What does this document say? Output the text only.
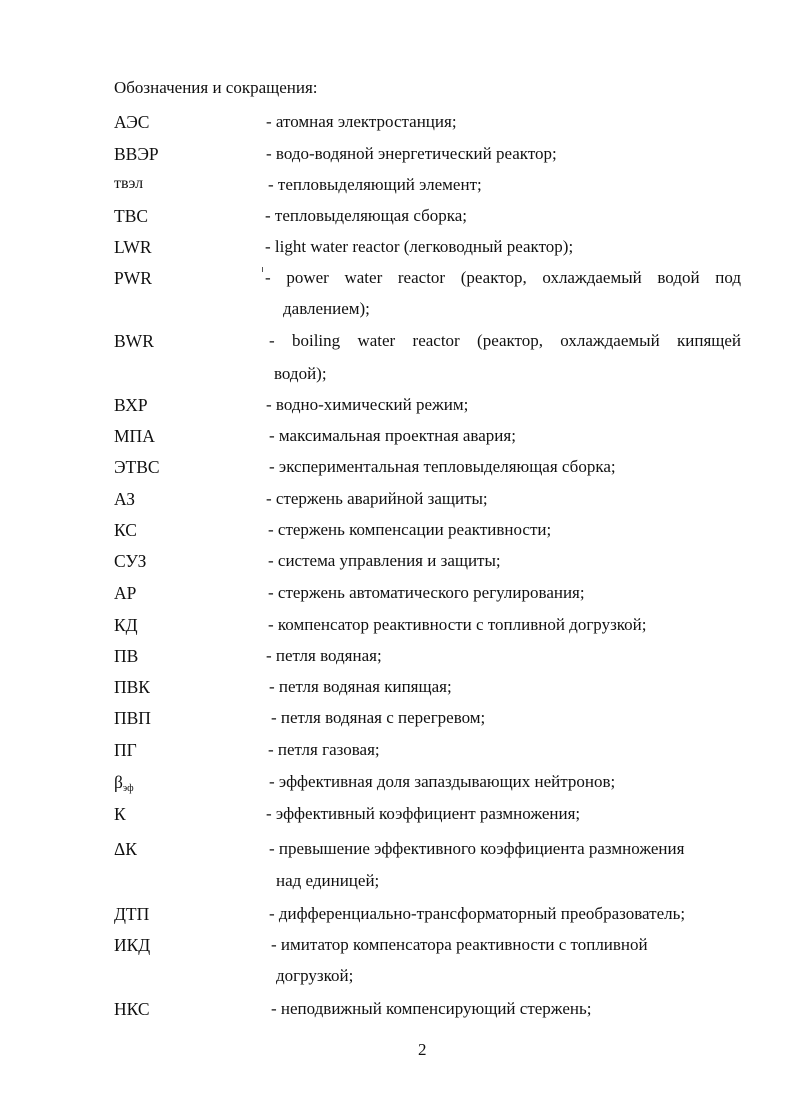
Обозначения и сокращения:
АЭС	- атомная электростанция;
ВВЭР	- водо-водяной энергетический реактор;
твэл	- тепловыделяющий элемент;
ТВС	- тепловыделяющая сборка;
LWR	- light water reactor (легководный реактор);
PWR	- power water reactor (реактор, охлаждаемый водой под
давлением);
BWR	- boiling water reactor (реактор, охлаждаемый кипящей
водой);
ВХР	- водно-химический режим;
МПА	- максимальная проектная авария;
ЭТВС	- экспериментальная тепловыделяющая сборка;
АЗ	- стержень аварийной защиты;
КС	- стержень компенсации реактивности;
СУЗ	- система управления и защиты;
АР	- стержень автоматического регулирования;
КД	- компенсатор реактивности с топливной догрузкой;
ПВ	- петля водяная;
ПВК	- петля водяная кипящая;
ПВП	- петля водяная с перегревом;
ПГ	- петля газовая;
$\beta_{эф}$	- эффективная доля запаздывающих нейтронов;
К	- эффективный коэффициент размножения;
ΔК	- превышение эффективного коэффициента размножения
над единицей;
ДТП	- дифференциально-трансформаторный преобразователь;
ИКД	- имитатор компенсатора реактивности с топливной
догрузкой;
НКС	- неподвижный компенсирующий стержень;
2
